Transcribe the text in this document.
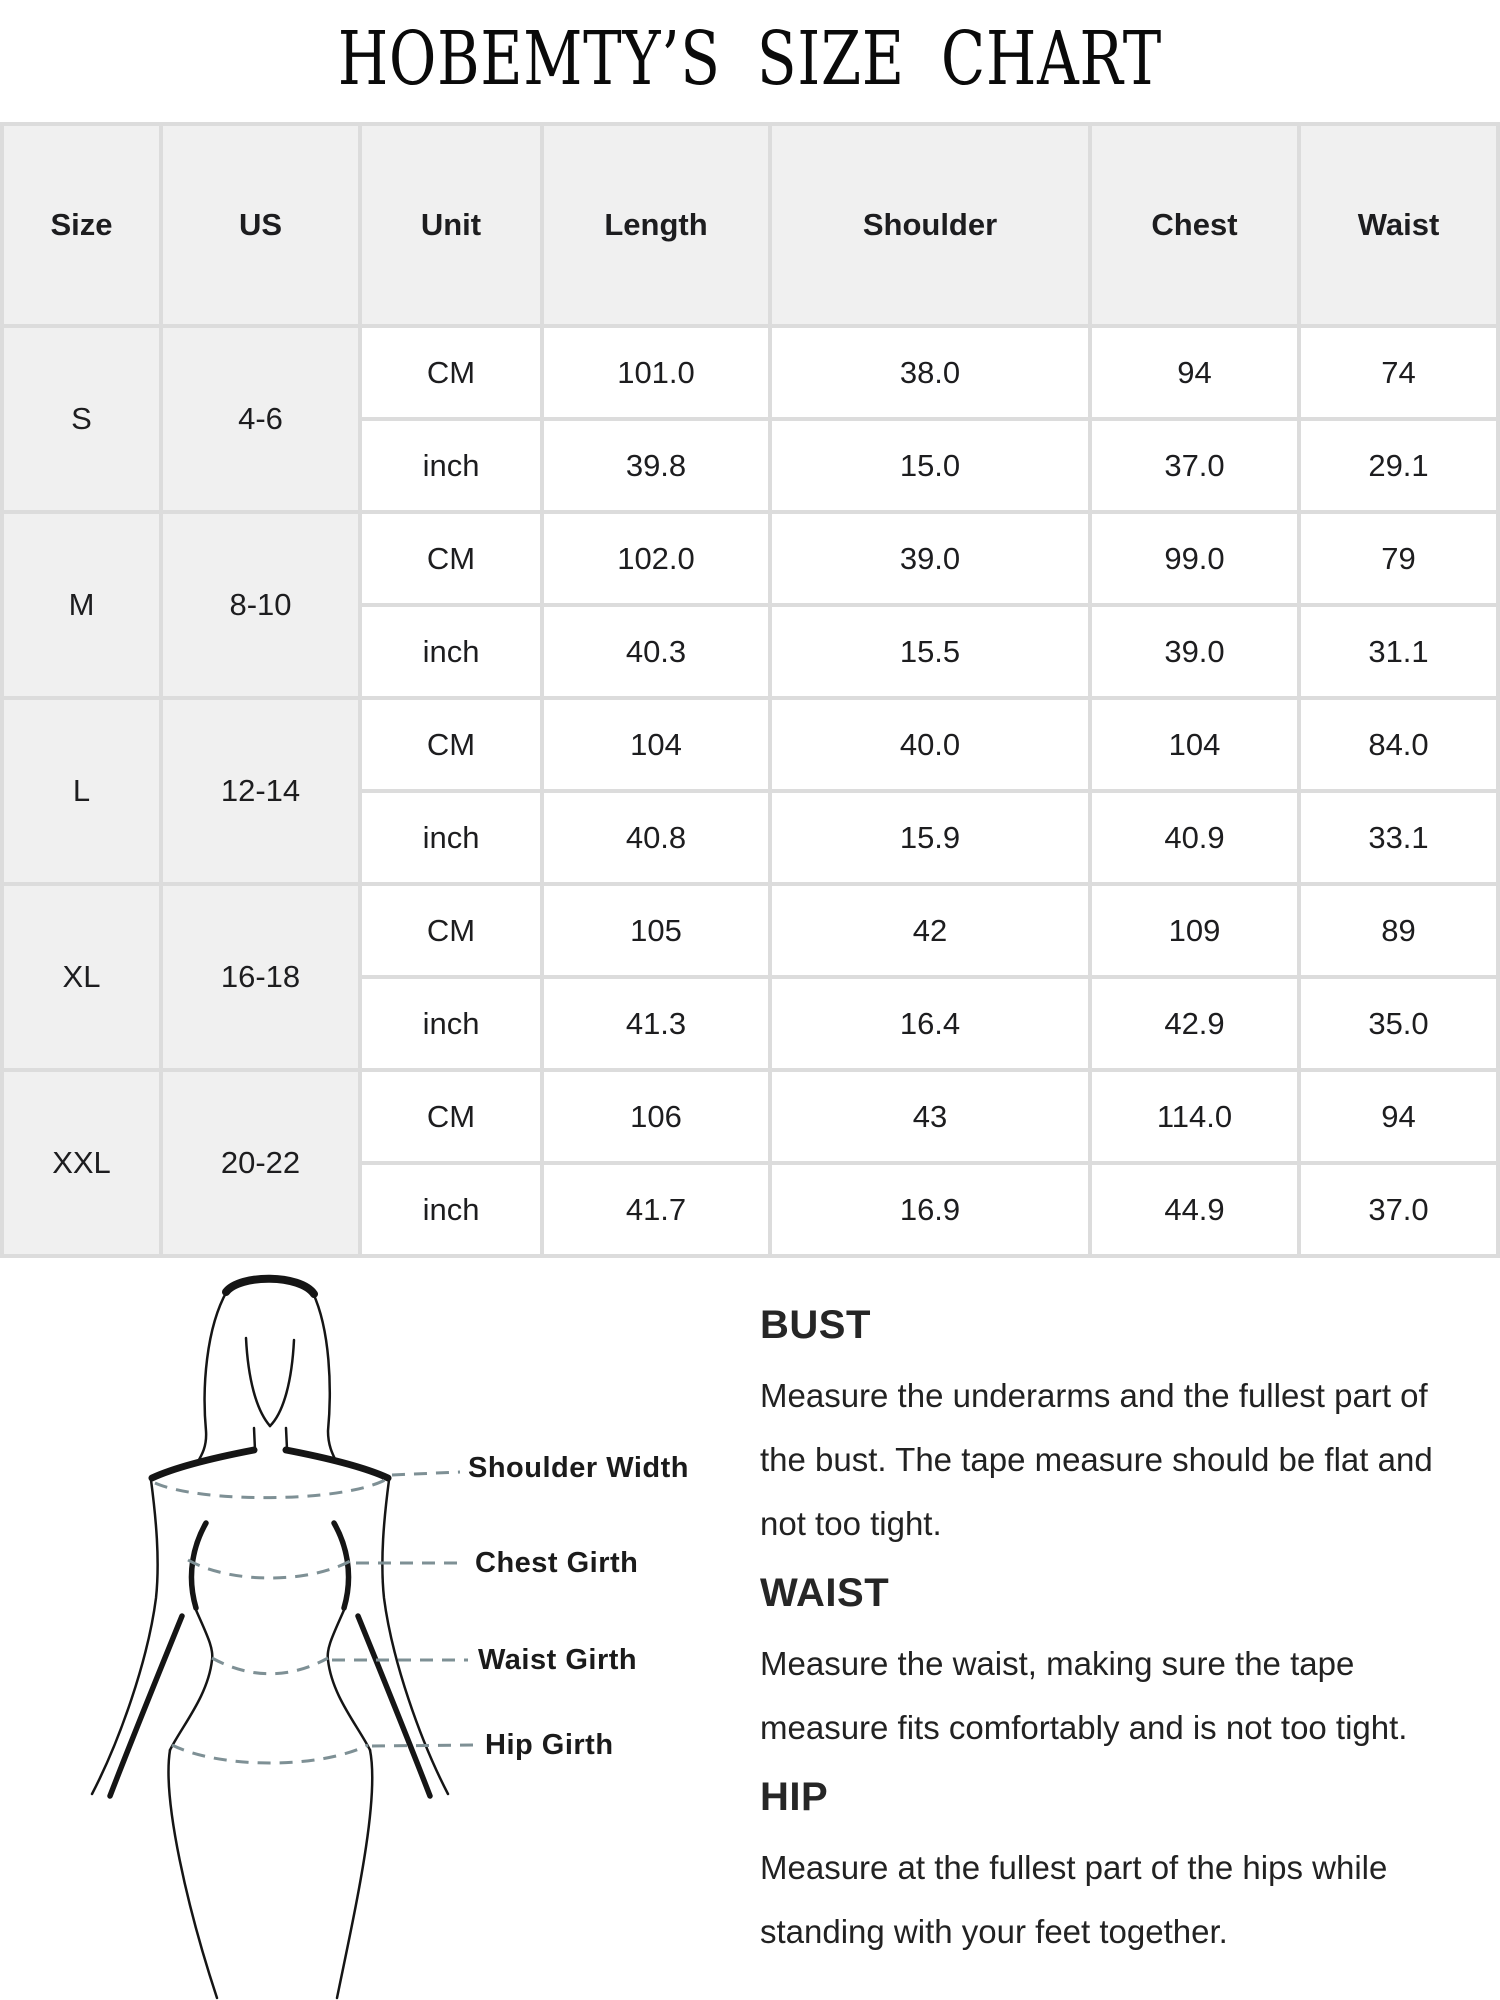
HOBEMTY’S SIZE CHART
Size	US	Unit	Length	Shoulder	Chest	Waist
S	4-6	CM	101.0	38.0	94	74
		inch	39.8	15.0	37.0	29.1
M	8-10	CM	102.0	39.0	99.0	79
		inch	40.3	15.5	39.0	31.1
L	12-14	CM	104	40.0	104	84.0
		inch	40.8	15.9	40.9	33.1
XL	16-18	CM	105	42	109	89
		inch	41.3	16.4	42.9	35.0
XXL	20-22	CM	106	43	114.0	94
		inch	41.7	16.9	44.9	37.0
Shoulder Width
Chest Girth
Waist Girth
Hip Girth
BUST

Measure the underarms and the fullest part of the bust. The tape measure should be flat and not too tight.

WAIST

Measure the waist, making sure the tape measure fits comfortably and is not too tight.

HIP

Measure at the fullest part of the hips while standing with your feet together.
